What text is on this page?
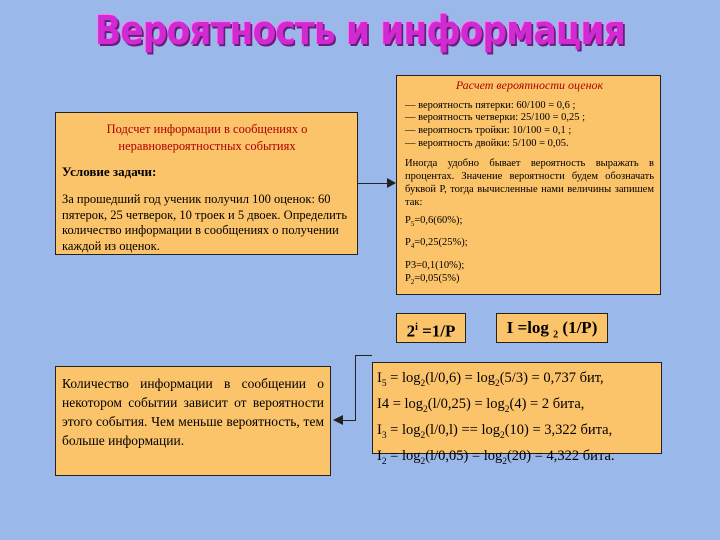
Вероятность и информация

Подсчет информации в сообщениях о неравновероятностных событиях

Условие задачи:

За прошедший год ученик получил 100 оценок: 60 пятерок, 25 четверок, 10 троек и 5 двоек. Определить количество информации в сообщениях о получении каждой из оценок.

Расчет вероятности оценок

— вероятность пятерки: 60/100 = 0,6 ;

— вероятность четверки: 25/100 = 0,25 ;

— вероятность тройки: 10/100 = 0,1 ;

— вероятность двойки: 5/100 = 0,05.

Иногда удобно бывает вероятность выражать в процентах. Значение вероятности будем обозначать буквой Р, тогда вычисленные нами величины запишем так:

$P_5=0,6(60\%)$;

$P_4=0,25(25\%)$;

P3=0,1(10%);

$P_2=0,05(5\%)$

$2^i =1/P$	I =log $_2$ (1/P)

Количество информации в сообщении о некотором событии зависит от вероятности этого события. Чем меньше вероятность, тем больше информации.

$I_5 = \log_2(l/0,6) = \log_2(5/3) = 0,737$ бит,

$I4 = \log_2(l/0,25) = \log_2(4) = 2$ бита,

$I_3 = \log_2(l/0,l) == \log_2(10) = 3,322$ бита,

$I_2 = \log_2(l/0,05) = \log_2(20) = 4,322$ бита.
